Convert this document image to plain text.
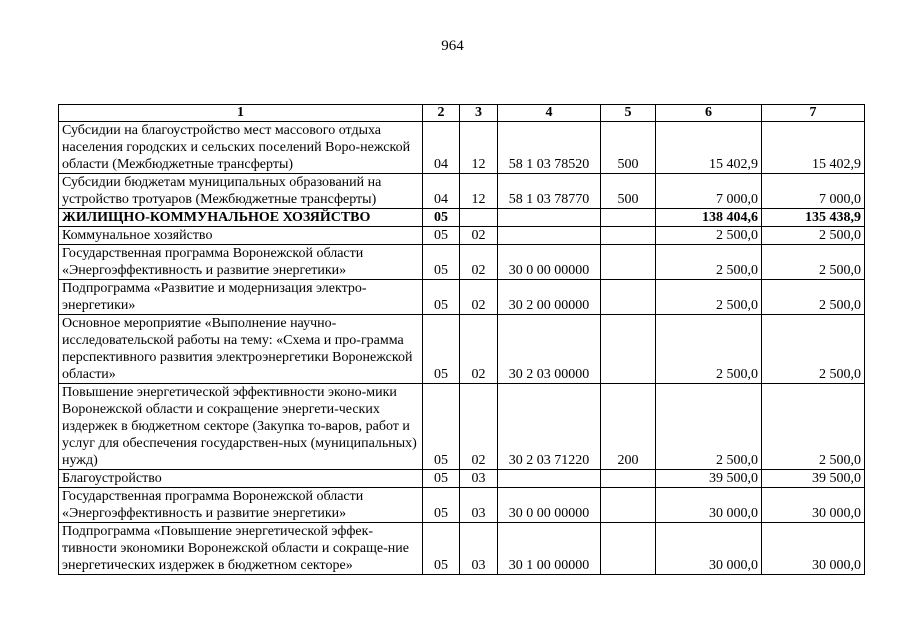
964
1	2	3	4	5	6	7
Субсидии на благоустройство мест массового отдыха населения городских и сельских поселений Воро-нежской области (Межбюджетные трансферты)	04	12	58 1 03 78520	500	15 402,9	15 402,9
Субсидии бюджетам муниципальных образований на устройство тротуаров (Межбюджетные трансферты)	04	12	58 1 03 78770	500	7 000,0	7 000,0
ЖИЛИЩНО-КОММУНАЛЬНОЕ ХОЗЯЙСТВО	05				138 404,6	135 438,9
Коммунальное хозяйство	05	02			2 500,0	2 500,0
Государственная программа Воронежской области «Энергоэффективность и развитие энергетики»	05	02	30 0 00 00000		2 500,0	2 500,0
Подпрограмма «Развитие и модернизация электро-энергетики»	05	02	30 2 00 00000		2 500,0	2 500,0
Основное мероприятие «Выполнение научно-исследовательской работы на тему: «Схема и про-грамма перспективного развития электроэнергетики Воронежской области»	05	02	30 2 03 00000		2 500,0	2 500,0
Повышение энергетической эффективности эконо-мики Воронежской области и сокращение энергети-ческих издержек в бюджетном секторе (Закупка то-варов, работ и услуг для обеспечения государствен-ных (муниципальных) нужд)	05	02	30 2 03 71220	200	2 500,0	2 500,0
Благоустройство	05	03			39 500,0	39 500,0
Государственная программа Воронежской области «Энергоэффективность и развитие энергетики»	05	03	30 0 00 00000		30 000,0	30 000,0
Подпрограмма «Повышение энергетической эффек-тивности экономики Воронежской области и сокраще-ние энергетических издержек в бюджетном секторе»	05	03	30 1 00 00000		30 000,0	30 000,0
